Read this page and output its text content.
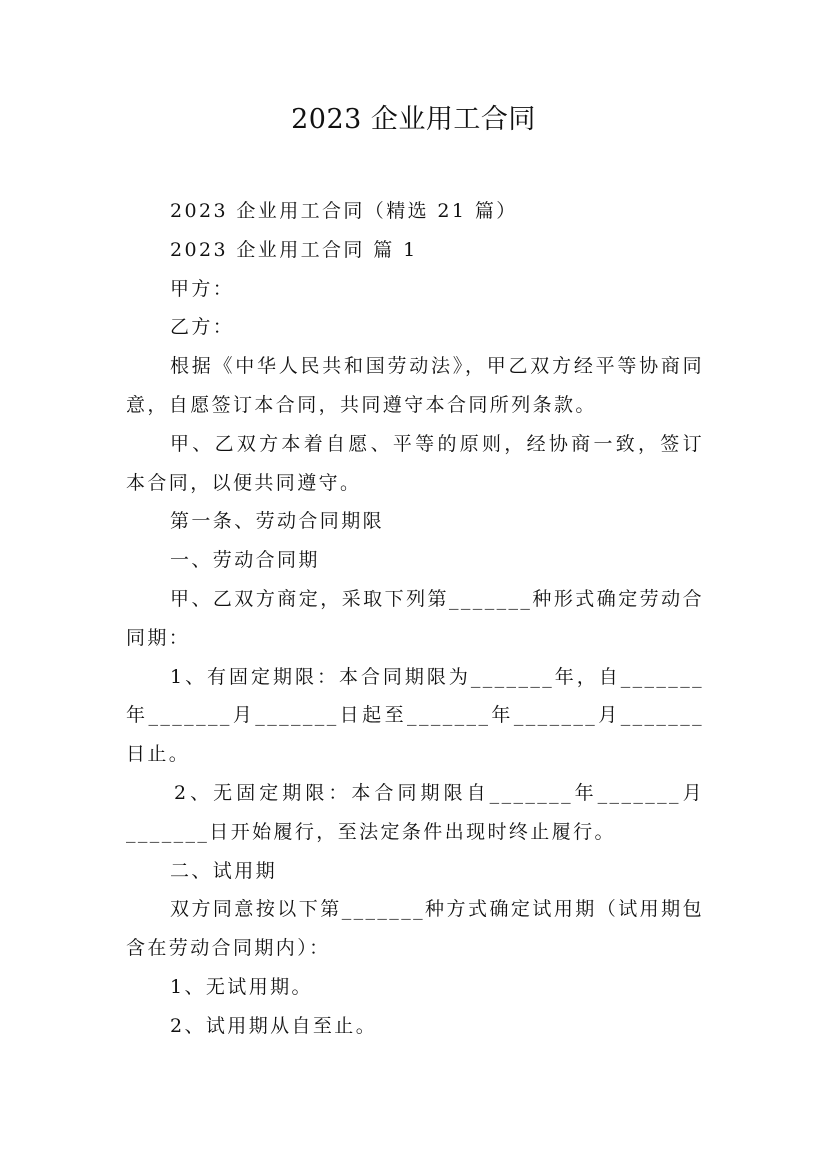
2023 企业用工合同

2023 企业用工合同（精选 21 篇）

2023 企业用工合同 篇 1

甲方：

乙方：

根据《中华人民共和国劳动法》，甲乙双方经平等协商同意，自愿签订本合同，共同遵守本合同所列条款。

甲、乙双方本着自愿、平等的原则，经协商一致，签订本合同，以便共同遵守。

第一条、劳动合同期限

一、劳动合同期

甲、乙双方商定，采取下列第_______种形式确定劳动合同期：

1、有固定期限：本合同期限为_______年，自_______年_______月_______日起至_______年_______月_______日止。

2、无固定期限：本合同期限自_______年_______月_______日开始履行，至法定条件出现时终止履行。

二、试用期

双方同意按以下第_______种方式确定试用期（试用期包含在劳动合同期内）：

1、无试用期。

2、试用期从自至止。
